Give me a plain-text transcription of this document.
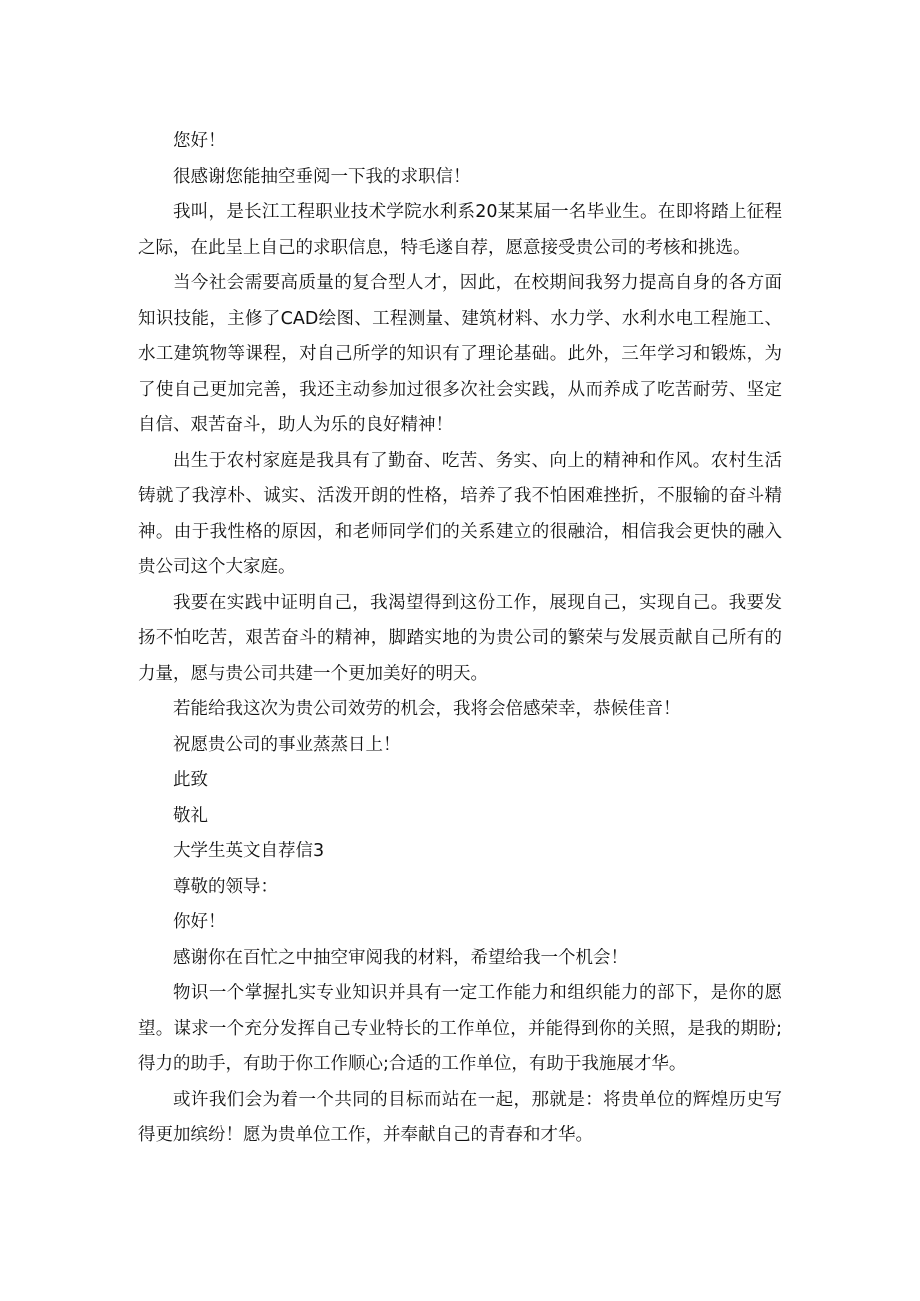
您好！

很感谢您能抽空垂阅一下我的求职信！

我叫，是长江工程职业技术学院水利系20某某届一名毕业生。在即将踏上征程之际，在此呈上自己的求职信息，特毛遂自荐，愿意接受贵公司的考核和挑选。

当今社会需要高质量的复合型人才，因此，在校期间我努力提高自身的各方面知识技能，主修了CAD绘图、工程测量、建筑材料、水力学、水利水电工程施工、水工建筑物等课程，对自己所学的知识有了理论基础。此外，三年学习和锻炼，为了使自己更加完善，我还主动参加过很多次社会实践，从而养成了吃苦耐劳、坚定自信、艰苦奋斗，助人为乐的良好精神！

出生于农村家庭是我具有了勤奋、吃苦、务实、向上的精神和作风。农村生活铸就了我淳朴、诚实、活泼开朗的性格，培养了我不怕困难挫折，不服输的奋斗精神。由于我性格的原因，和老师同学们的关系建立的很融洽，相信我会更快的融入贵公司这个大家庭。

我要在实践中证明自己，我渴望得到这份工作，展现自己，实现自己。我要发扬不怕吃苦，艰苦奋斗的精神，脚踏实地的为贵公司的繁荣与发展贡献自己所有的力量，愿与贵公司共建一个更加美好的明天。

若能给我这次为贵公司效劳的机会，我将会倍感荣幸，恭候佳音！

祝愿贵公司的事业蒸蒸日上！

此致

敬礼

大学生英文自荐信3

尊敬的领导：

你好！

感谢你在百忙之中抽空审阅我的材料，希望给我一个机会！

物识一个掌握扎实专业知识并具有一定工作能力和组织能力的部下，是你的愿望。谋求一个充分发挥自己专业特长的工作单位，并能得到你的关照，是我的期盼;得力的助手，有助于你工作顺心;合适的工作单位，有助于我施展才华。

或许我们会为着一个共同的目标而站在一起，那就是：将贵单位的辉煌历史写得更加缤纷！愿为贵单位工作，并奉献自己的青春和才华。
